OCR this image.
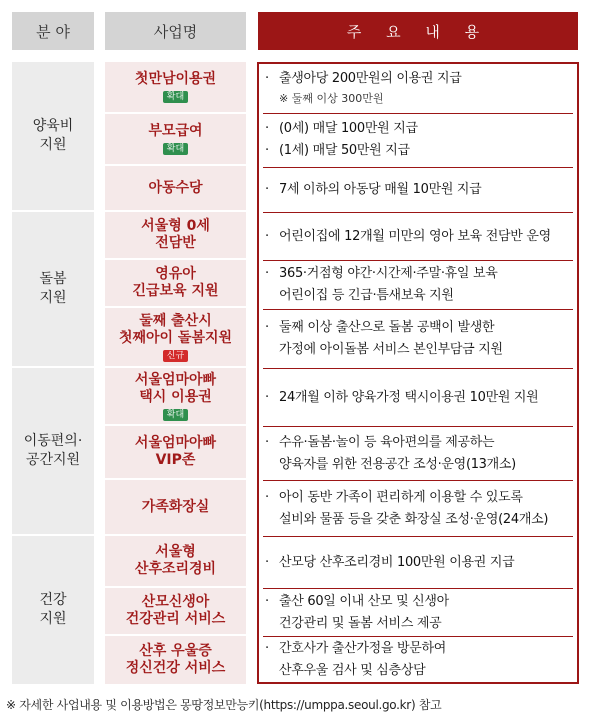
분 야	사업명	주 요 내 용
양육비
지원
돌봄
지원
이동편의·
공간지원
건강
지원
첫만남이용권
확대
부모급여
확대
아동수당
서울형 0세
전담반
영유아
긴급보육 지원
둘째 출산시
첫째아이 돌봄지원
신규
서울엄마아빠
택시 이용권
확대
서울엄마아빠
VIP존
가족화장실
서울형
산후조리경비
산모신생아
건강관리 서비스
산후 우울증
정신건강 서비스
· 출생아당 200만원의 이용권 지급
※ 둘째 이상 300만원
· (0세) 매달 100만원 지급
· (1세) 매달 50만원 지급
· 7세 이하의 아동당 매월 10만원 지급
· 어린이집에 12개월 미만의 영아 보육 전담반 운영
· 365·거점형 야간·시간제·주말·휴일 보육
어린이집 등 긴급·틈새보육 지원
· 둘째 이상 출산으로 돌봄 공백이 발생한
가정에 아이돌봄 서비스 본인부담금 지원
· 24개월 이하 양육가정 택시이용권 10만원 지원
· 수유·돌봄·놀이 등 육아편의를 제공하는
양육자를 위한 전용공간 조성·운영(13개소)
· 아이 동반 가족이 편리하게 이용할 수 있도록
설비와 물품 등을 갖춘 화장실 조성·운영(24개소)
· 산모당 산후조리경비 100만원 이용권 지급
· 출산 60일 이내 산모 및 신생아
건강관리 및 돌봄 서비스 제공
· 간호사가 출산가정을 방문하여
산후우울 검사 및 심층상담
※ 자세한 사업내용 및 이용방법은 몽땅정보만능키(https://umppa.seoul.go.kr) 참고
